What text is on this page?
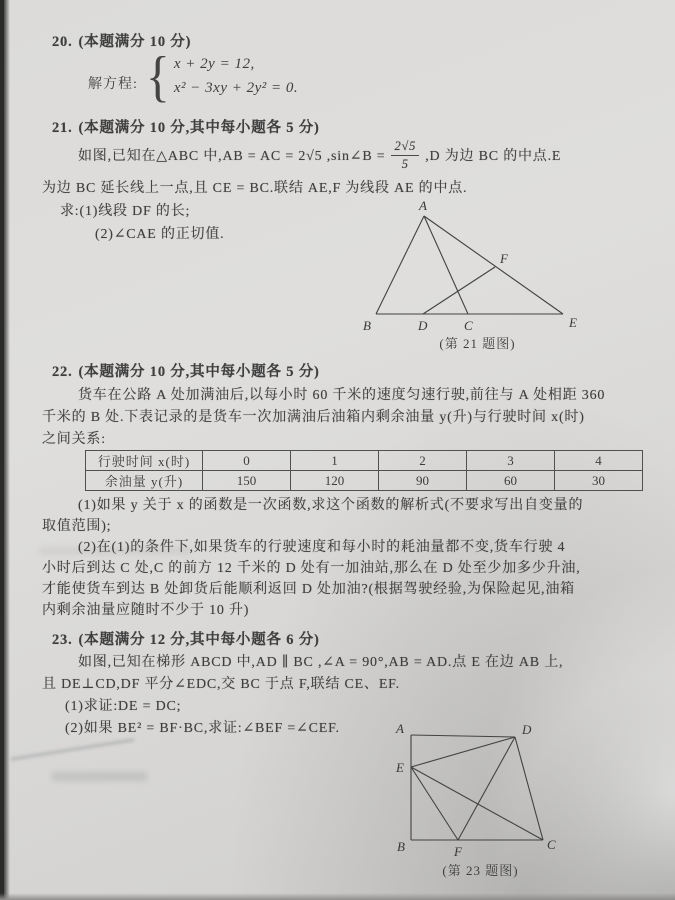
20. (本题满分 10 分)
解方程: { x + 2y = 12,
x² − 3xy + 2y² = 0.
21. (本题满分 10 分,其中每小题各 5 分)
如图,已知在△ABC 中,AB = AC = 2√5 ,sin∠B = $\frac{2√5}{5} ,D$ 为边 BC 的中点.E
为边 BC 延长线上一点,且 CE = BC.联结 AE,F 为线段 AE 的中点.
求:(1)线段 DF 的长;
(2)∠CAE 的正切值.
A
B	D	C	E
F
(第 21 题图)
22. (本题满分 10 分,其中每小题各 5 分)
货车在公路 A 处加满油后,以每小时 60 千米的速度匀速行驶,前往与 A 处相距 360
千米的 B 处.下表记录的是货车一次加满油后油箱内剩余油量 y(升)与行驶时间 x(时)
之间关系:
行驶时间 x(时)	0	1	2	3	4
余油量 y(升)	150	120	90	60	30
(1)如果 y 关于 x 的函数是一次函数,求这个函数的解析式(不要求写出自变量的
取值范围);
(2)在(1)的条件下,如果货车的行驶速度和每小时的耗油量都不变,货车行驶 4
小时后到达 C 处,C 的前方 12 千米的 D 处有一加油站,那么在 D 处至少加多少升油,
才能使货车到达 B 处卸货后能顺利返回 D 处加油?(根据驾驶经验,为保险起见,油箱
内剩余油量应随时不少于 10 升)
23. (本题满分 12 分,其中每小题各 6 分)
如图,已知在梯形 ABCD 中,AD ∥ BC ,∠A = 90°,AB = AD.点 E 在边 AB 上,
且 DE⊥CD,DF 平分∠EDC,交 BC 于点 F,联结 CE、EF.
(1)求证:DE = DC;
(2)如果 BE² = BF·BC,求证:∠BEF =∠CEF.	A	D
E
B	F	C
(第 23 题图)
